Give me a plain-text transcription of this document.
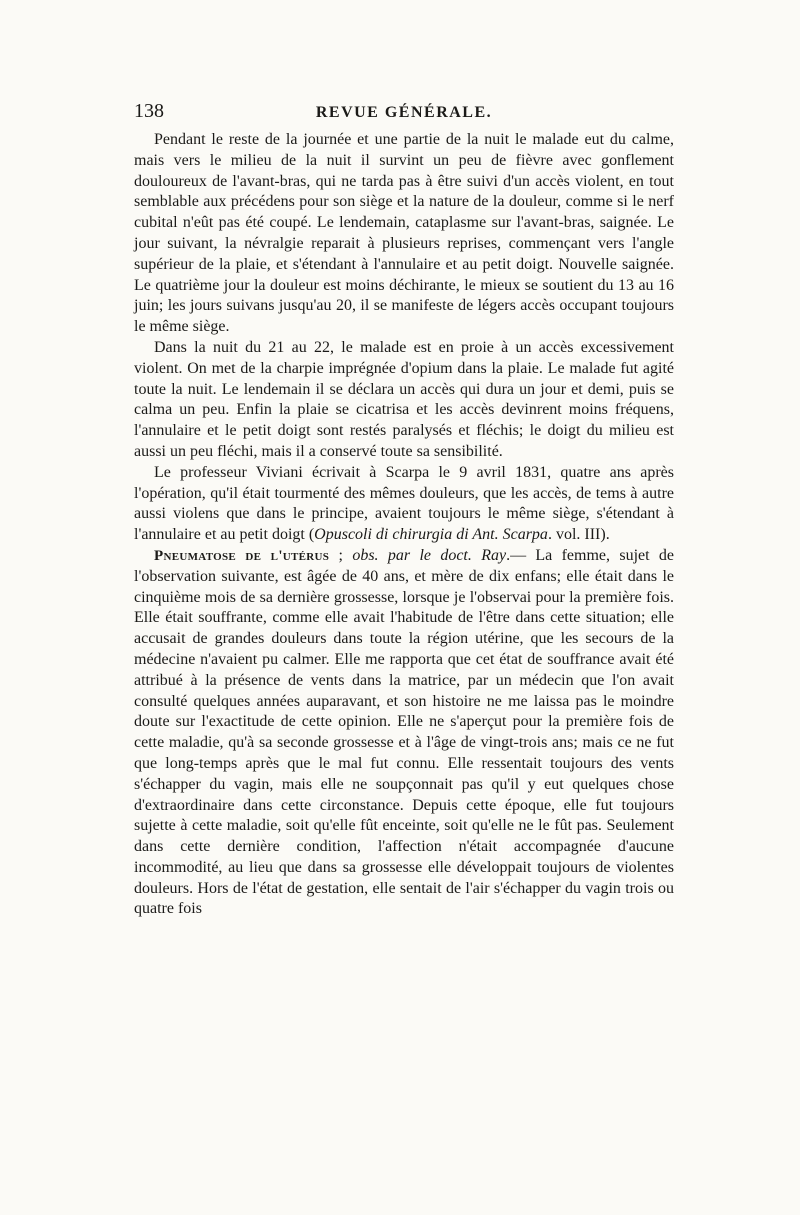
138	REVUE GÉNÉRALE.

Pendant le reste de la journée et une partie de la nuit le malade eut du calme, mais vers le milieu de la nuit il survint un peu de fièvre avec gonflement douloureux de l'avant-bras, qui ne tarda pas à être suivi d'un accès violent, en tout semblable aux précédens pour son siège et la nature de la douleur, comme si le nerf cubital n'eût pas été coupé. Le lendemain, cataplasme sur l'avant-bras, saignée. Le jour suivant, la névralgie reparait à plusieurs reprises, commençant vers l'angle supérieur de la plaie, et s'étendant à l'annulaire et au petit doigt. Nouvelle saignée. Le quatrième jour la douleur est moins déchirante, le mieux se soutient du 13 au 16 juin; les jours suivans jusqu'au 20, il se manifeste de légers accès occupant toujours le même siège.

Dans la nuit du 21 au 22, le malade est en proie à un accès excessivement violent. On met de la charpie imprégnée d'opium dans la plaie. Le malade fut agité toute la nuit. Le lendemain il se déclara un accès qui dura un jour et demi, puis se calma un peu. Enfin la plaie se cicatrisa et les accès devinrent moins fréquens, l'annulaire et le petit doigt sont restés paralysés et fléchis; le doigt du milieu est aussi un peu fléchi, mais il a conservé toute sa sensibilité.

Le professeur Viviani écrivait à Scarpa le 9 avril 1831, quatre ans après l'opération, qu'il était tourmenté des mêmes douleurs, que les accès, de tems à autre aussi violens que dans le principe, avaient toujours le même siège, s'étendant à l'annulaire et au petit doigt (Opuscoli di chirurgia di Ant. Scarpa. vol. III).

Pneumatose de l'utérus ; obs. par le doct. Ray.— La femme, sujet de l'observation suivante, est âgée de 40 ans, et mère de dix enfans; elle était dans le cinquième mois de sa dernière grossesse, lorsque je l'observai pour la première fois. Elle était souffrante, comme elle avait l'habitude de l'être dans cette situation; elle accusait de grandes douleurs dans toute la région utérine, que les secours de la médecine n'avaient pu calmer. Elle me rapporta que cet état de souffrance avait été attribué à la présence de vents dans la matrice, par un médecin que l'on avait consulté quelques années auparavant, et son histoire ne me laissa pas le moindre doute sur l'exactitude de cette opinion. Elle ne s'aperçut pour la première fois de cette maladie, qu'à sa seconde grossesse et à l'âge de vingt-trois ans; mais ce ne fut que long-temps après que le mal fut connu. Elle ressentait toujours des vents s'échapper du vagin, mais elle ne soupçonnait pas qu'il y eut quelques chose d'extraordinaire dans cette circonstance. Depuis cette époque, elle fut toujours sujette à cette maladie, soit qu'elle fût enceinte, soit qu'elle ne le fût pas. Seulement dans cette dernière condition, l'affection n'était accompagnée d'aucune incommodité, au lieu que dans sa grossesse elle développait toujours de violentes douleurs. Hors de l'état de gestation, elle sentait de l'air s'échapper du vagin trois ou quatre fois
